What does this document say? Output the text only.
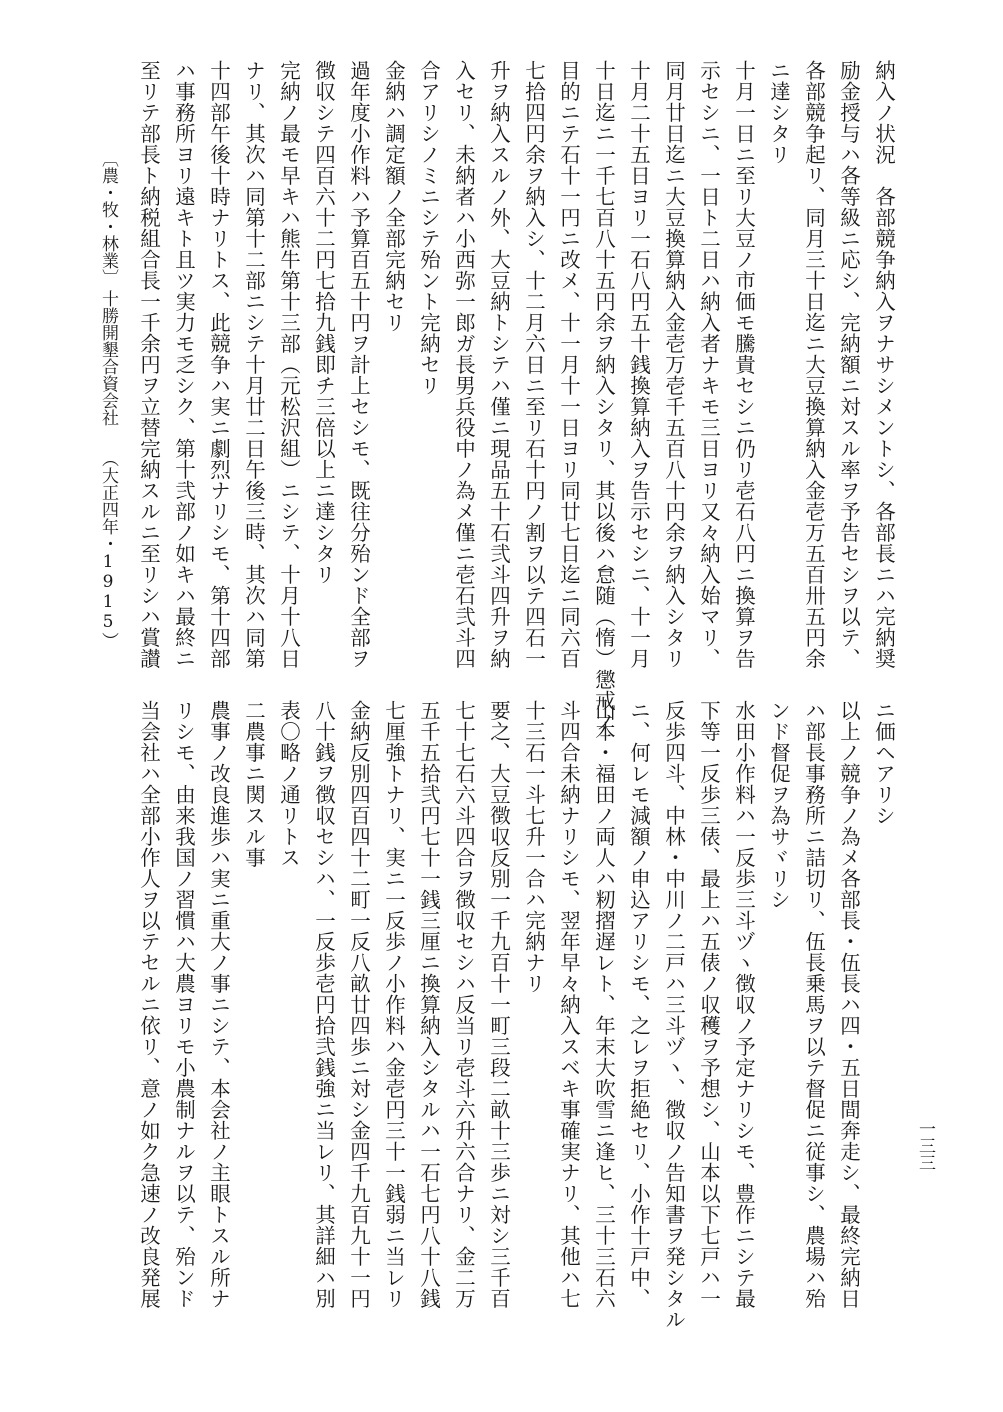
納入ノ状況　各部競争納入ヲナサシメントシ、各部長ニハ完納奨
励金授与ハ各等級ニ応シ、完納額ニ対スル率ヲ予告セシヲ以テ、
各部競争起リ、同月三十日迄ニ大豆換算納入金壱万五百卅五円余
ニ達シタリ
十月一日ニ至リ大豆ノ市価モ騰貴セシニ仍リ壱石八円ニ換算ヲ告
示セシニ、一日ト二日ハ納入者ナキモ三日ヨリ又々納入始マリ、
同月廿日迄ニ大豆換算納入金壱万壱千五百八十円余ヲ納入シタリ
十月二十五日ヨリ一石八円五十銭換算納入ヲ告示セシニ、十一月
十日迄ニ一千七百八十五円余ヲ納入シタリ、其以後ハ怠随（惰）懲戒ノ
目的ニテ石十一円ニ改メ、十一月十一日ヨリ同廿七日迄ニ同六百
七拾四円余ヲ納入シ、十二月六日ニ至リ石十円ノ割ヲ以テ四石一
升ヲ納入スルノ外、大豆納トシテハ僅ニ現品五十石弐斗四升ヲ納
入セリ、未納者ハ小西弥一郎ガ長男兵役中ノ為メ僅ニ壱石弐斗四
合アリシノミニシテ殆ント完納セリ
金納ハ調定額ノ全部完納セリ
過年度小作料ハ予算百五十円ヲ計上セシモ、既往分殆ンド全部ヲ
徴収シテ四百六十二円七拾九銭即チ三倍以上ニ達シタリ
完納ノ最モ早キハ熊牛第十三部（元松沢組）ニシテ、十月十八日
ナリ、其次ハ同第十二部ニシテ十月廿二日午後三時、其次ハ同第
十四部午後十時ナリトス、此競争ハ実ニ劇烈ナリシモ、第十四部
ハ事務所ヨリ遠キト且ツ実力モ乏シク、第十弐部ノ如キハ最終ニ
至リテ部長ト納税組合長一千余円ヲ立替完納スルニ至リシハ賞讃
〔農・牧・林業〕
十勝開墾合資会社
（大正四年・1915）
ニ価ヘアリシ
以上ノ競争ノ為メ各部長・伍長ハ四・五日間奔走シ、最終完納日
ハ部長事務所ニ詰切リ、伍長乗馬ヲ以テ督促ニ従事シ、農場ハ殆
ンド督促ヲ為サヾリシ
水田小作料ハ一反歩三斗ヅヽ徴収ノ予定ナリシモ、豊作ニシテ最
下等一反歩三俵、最上ハ五俵ノ収穫ヲ予想シ、山本以下七戸ハ一
反歩四斗、中林・中川ノ二戸ハ三斗ヅヽ、徴収ノ告知書ヲ発シタル
ニ、何レモ減額ノ申込アリシモ、之レヲ拒絶セリ、小作十戸中、
山本・福田ノ両人ハ籾摺遅レト、年末大吹雪ニ逢ヒ、三十三石六
斗四合未納ナリシモ、翌年早々納入スベキ事確実ナリ、其他ハ七
十三石一斗七升一合ハ完納ナリ
要之、大豆徴収反別一千九百十一町三段二畝十三歩ニ対シ三千百
七十七石六斗四合ヲ徴収セシハ反当リ壱斗六升六合ナリ、金二万
五千五拾弐円七十一銭三厘ニ換算納入シタルハ一石七円八十八銭
七厘強トナリ、実ニ一反歩ノ小作料ハ金壱円三十一銭弱ニ当レリ
金納反別四百四十二町一反八畝廿四歩ニ対シ金四千九百九十一円
八十銭ヲ徴収セシハ、一反歩壱円拾弐銭強ニ当レリ、其詳細ハ別
表〇略ノ通リトス
二農事ニ関スル事
農事ノ改良進歩ハ実ニ重大ノ事ニシテ、本会社ノ主眼トスル所ナ
リシモ、由来我国ノ習慣ハ大農ヨリモ小農制ナルヲ以テ、殆ンド
当会社ハ全部小作人ヲ以テセルニ依リ、意ノ如ク急速ノ改良発展	一三三
